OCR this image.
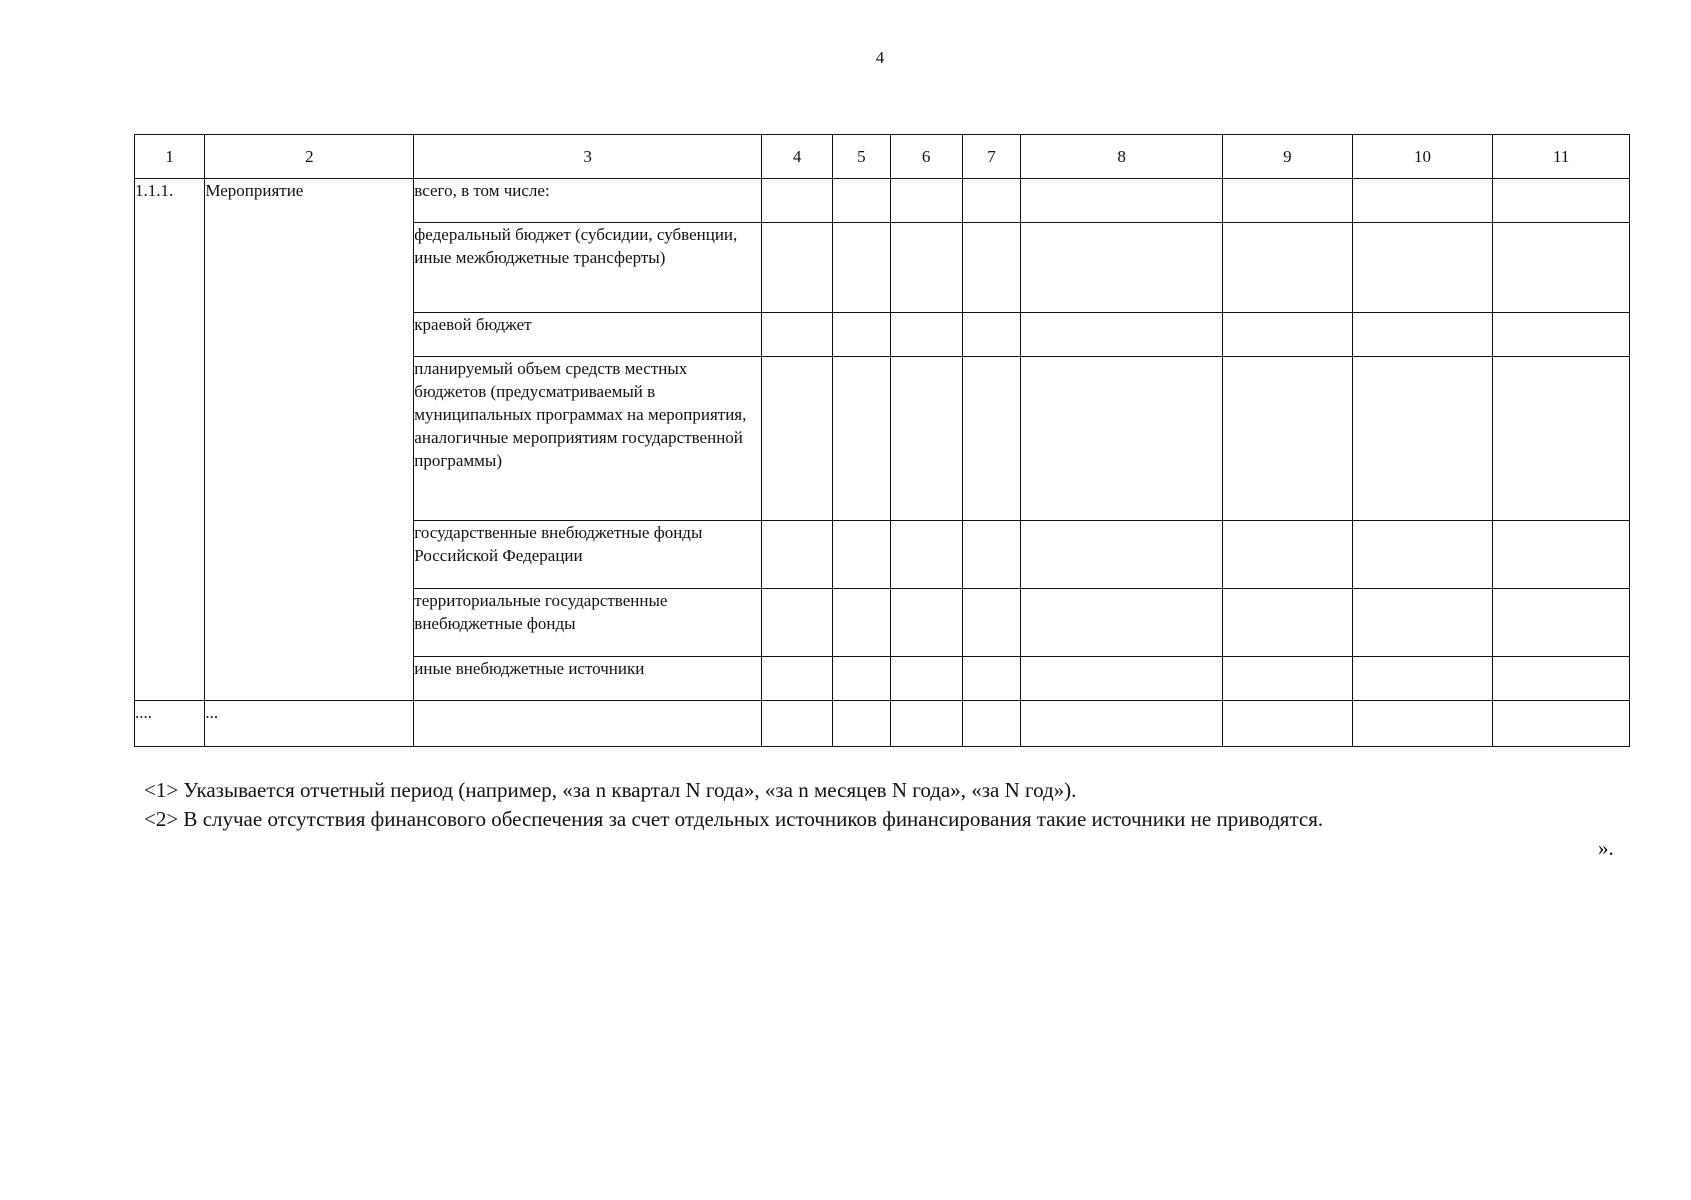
4
1	2	3	4	5	6	7	8	9	10	11
1.1.1.	Мероприятие	всего, в том числе:								
		федеральный бюджет (субсидии, субвенции, иные межбюджетные трансферты)								
		краевой бюджет								
		планируемый объем средств местных бюджетов (предусматриваемый в муниципальных программах на мероприятия, аналогичные мероприятиям государственной программы)								
		государственные внебюджетные фонды Российской Федерации								
		территориальные государственные внебюджетные фонды								
		иные внебюджетные источники								
....	...									
<1> Указывается отчетный период (например, «за n квартал N года», «за n месяцев N года», «за N год»).
<2> В случае отсутствия финансового обеспечения за счет отдельных источников финансирования такие источники не приводятся.
».
